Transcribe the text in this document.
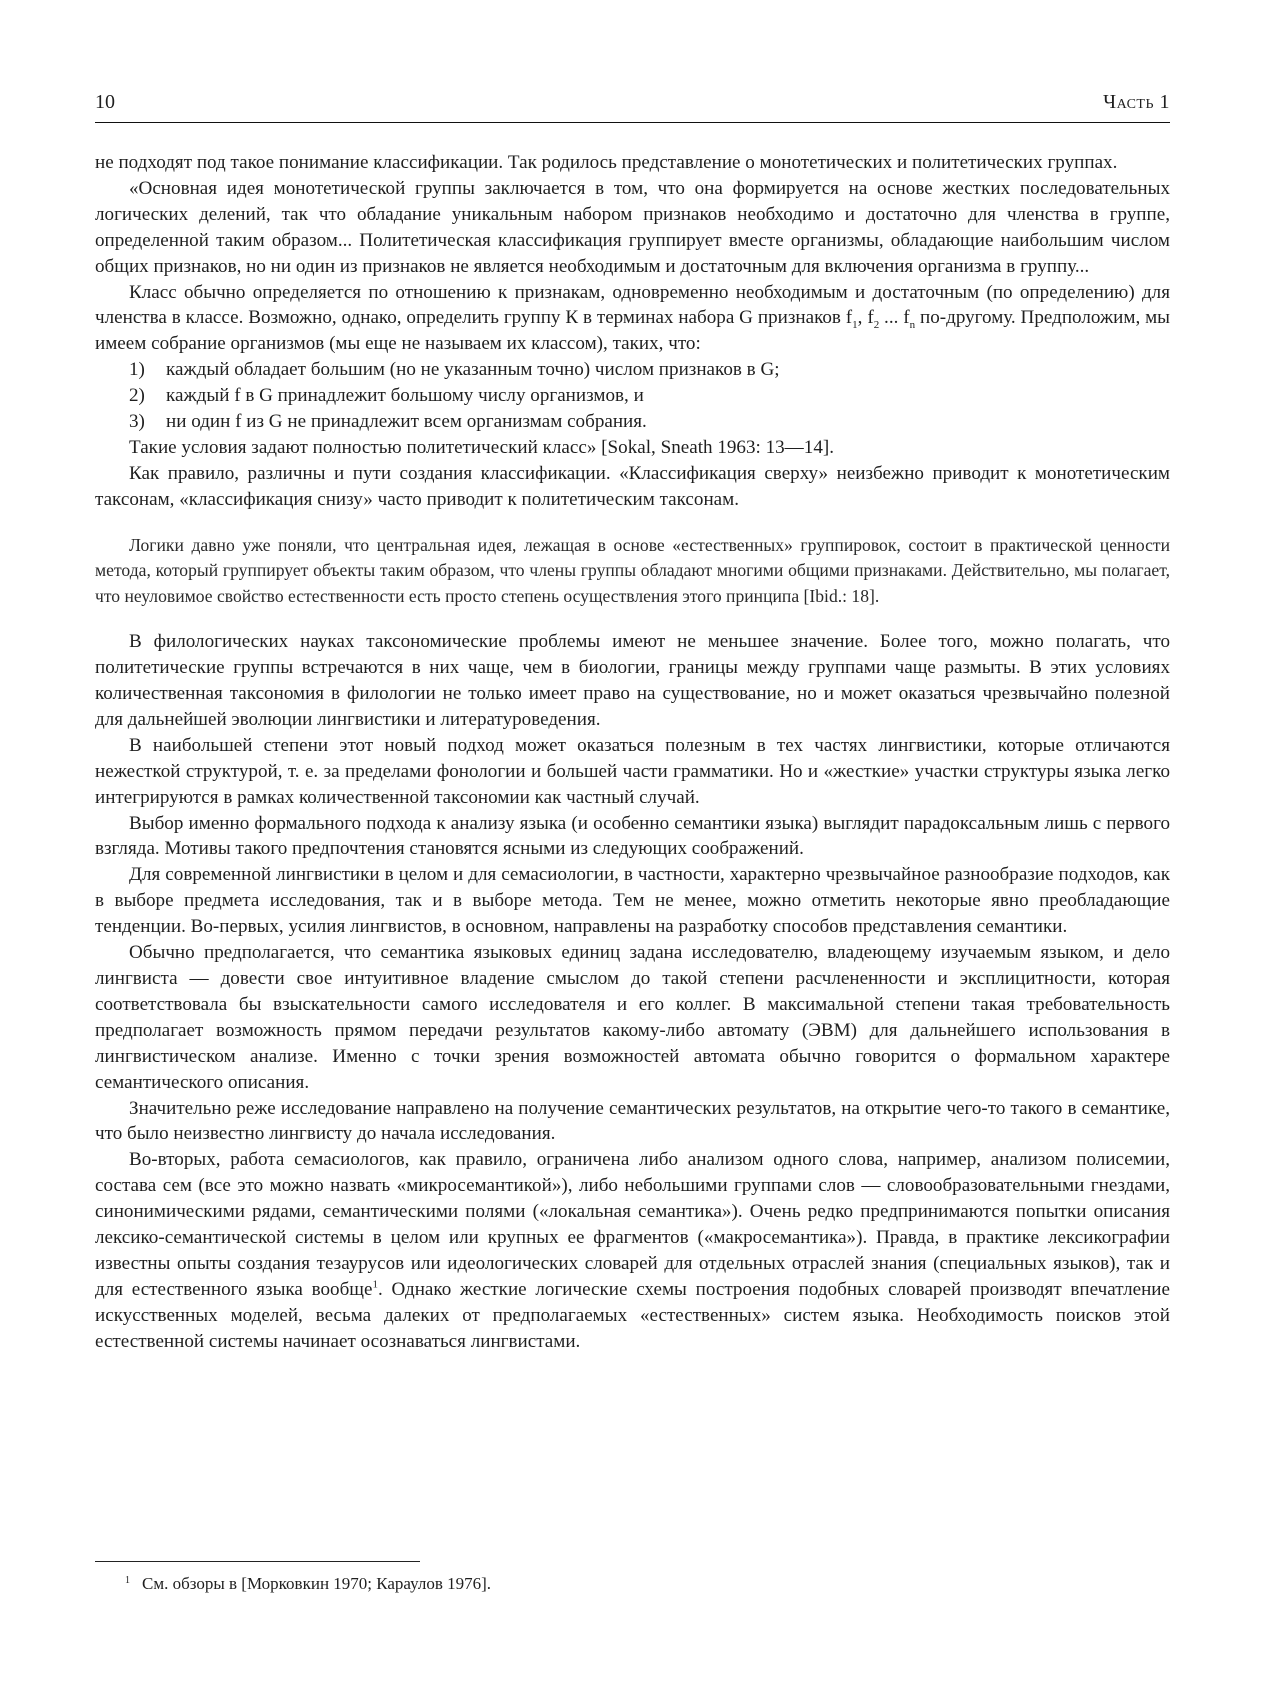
10	Часть 1

не подходят под такое понимание классификации. Так родилось представление о монотетических и политетических группах.

«Основная идея монотетической группы заключается в том, что она формируется на основе жестких последовательных логических делений, так что обладание уникальным набором признаков необходимо и достаточно для членства в группе, определенной таким образом... Политетическая классификация группирует вместе организмы, обладающие наибольшим числом общих признаков, но ни один из признаков не является необходимым и достаточным для включения организма в группу...

Класс обычно определяется по отношению к признакам, одновременно необходимым и достаточным (по определению) для членства в классе. Возможно, однако, определить группу К в терминах набора G признаков $f_1$, $f_2$ ... $f_n$ по-другому. Предположим, мы имеем собрание организмов (мы еще не называем их классом), таких, что:

1)	каждый обладает большим (но не указанным точно) числом признаков в G;
2)	каждый f в G принадлежит большому числу организмов, и
3)	ни один f из G не принадлежит всем организмам собрания.

Такие условия задают полностью политетический класс» [Sokal, Sneath 1963: 13—14].

Как правило, различны и пути создания классификации. «Классификация сверху» неизбежно приводит к монотетическим таксонам, «классификация снизу» часто приводит к политетическим таксонам.

Логики давно уже поняли, что центральная идея, лежащая в основе «естественных» группировок, состоит в практической ценности метода, который группирует объекты таким образом, что члены группы обладают многими общими признаками. Действительно, мы полагает, что неуловимое свойство естественности есть просто степень осуществления этого принципа [Ibid.: 18].

В филологических науках таксономические проблемы имеют не меньшее значение. Более того, можно полагать, что политетические группы встречаются в них чаще, чем в биологии, границы между группами чаще размыты. В этих условиях количественная таксономия в филологии не только имеет право на существование, но и может оказаться чрезвычайно полезной для дальнейшей эволюции лингвистики и литературоведения.

В наибольшей степени этот новый подход может оказаться полезным в тех частях лингвистики, которые отличаются нежесткой структурой, т. е. за пределами фонологии и большей части грамматики. Но и «жесткие» участки структуры языка легко интегрируются в рамках количественной таксономии как частный случай.

Выбор именно формального подхода к анализу языка (и особенно семантики языка) выглядит парадоксальным лишь с первого взгляда. Мотивы такого предпочтения становятся ясными из следующих соображений.

Для современной лингвистики в целом и для семасиологии, в частности, характерно чрезвычайное разнообразие подходов, как в выборе предмета исследования, так и в выборе метода. Тем не менее, можно отметить некоторые явно преобладающие тенденции. Во-первых, усилия лингвистов, в основном, направлены на разработку способов представления семантики.

Обычно предполагается, что семантика языковых единиц задана исследователю, владеющему изучаемым языком, и дело лингвиста — довести свое интуитивное владение смыслом до такой степени расчлененности и эксплицитности, которая соответствовала бы взыскательности самого исследователя и его коллег. В максимальной степени такая требовательность предполагает возможность прямом передачи результатов какому-либо автомату (ЭВМ) для дальнейшего использования в лингвистическом анализе. Именно с точки зрения возможностей автомата обычно говорится о формальном характере семантического описания.

Значительно реже исследование направлено на получение семантических результатов, на открытие чего-то такого в семантике, что было неизвестно лингвисту до начала исследования.

Во-вторых, работа семасиологов, как правило, ограничена либо анализом одного слова, например, анализом полисемии, состава сем (все это можно назвать «микросемантикой»), либо небольшими группами слов — словообразовательными гнездами, синонимическими рядами, семантическими полями («локальная семантика»). Очень редко предпринимаются попытки описания лексико-семантической системы в целом или крупных ее фрагментов («макросемантика»). Правда, в практике лексикографии известны опыты создания тезаурусов или идеологических словарей для отдельных отраслей знания (специальных языков), так и для естественного языка вообще$^1$. Однако жесткие логические схемы построения подобных словарей производят впечатление искусственных моделей, весьма далеких от предполагаемых «естественных» систем языка. Необходимость поисков этой естественной системы начинает осознаваться лингвистами.

$^1$ См. обзоры в [Морковкин 1970; Караулов 1976].
